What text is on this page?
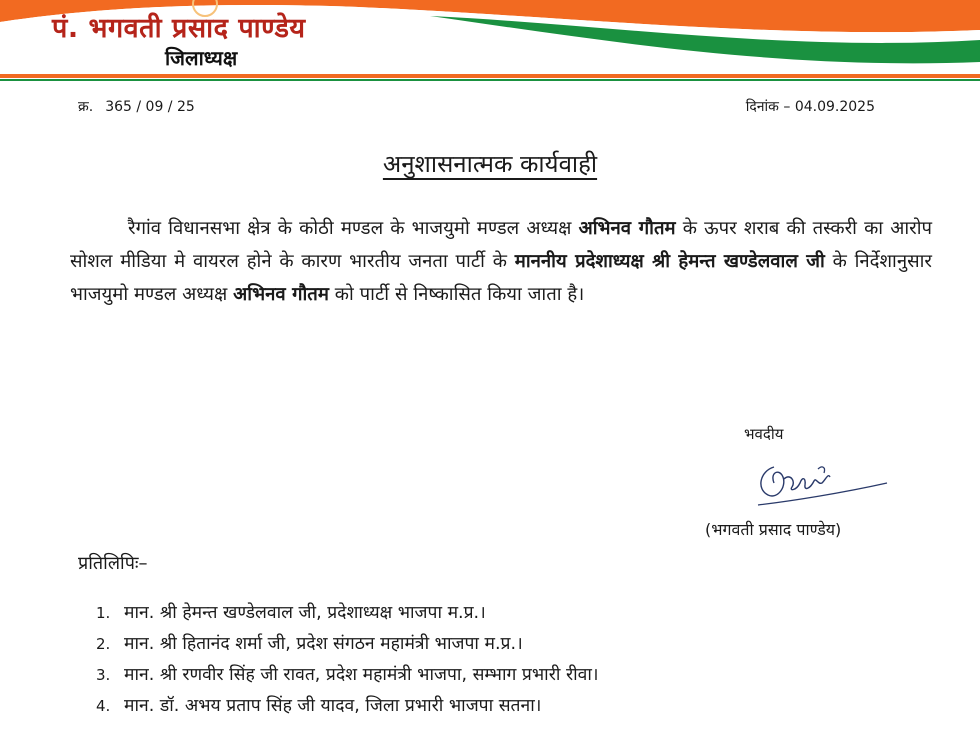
पं. भगवती प्रसाद पाण्डेय
जिलाध्यक्ष
क्र. 365 / 09 / 25	दिनांक – 04.09.2025
अनुशासनात्मक कार्यवाही
रैगांव विधानसभा क्षेत्र के कोठी मण्डल के भाजयुमो मण्डल अध्यक्ष अभिनव गौतम के ऊपर शराब की तस्करी का आरोप सोशल मीडिया मे वायरल होने के कारण भारतीय जनता पार्टी के माननीय प्रदेशाध्यक्ष श्री हेमन्त खण्डेलवाल जी के निर्देशानुसार भाजयुमो मण्डल अध्यक्ष अभिनव गौतम को पार्टी से निष्कासित किया जाता है।
भवदीय
(भगवती प्रसाद पाण्डेय)
प्रतिलिपिः–
1. मान. श्री हेमन्त खण्डेलवाल जी, प्रदेशाध्यक्ष भाजपा म.प्र.।
2. मान. श्री हितानंद शर्मा जी, प्रदेश संगठन महामंत्री भाजपा म.प्र.।
3. मान. श्री रणवीर सिंह जी रावत, प्रदेश महामंत्री भाजपा, सम्भाग प्रभारी रीवा।
4. मान. डॉ. अभय प्रताप सिंह जी यादव, जिला प्रभारी भाजपा सतना।
